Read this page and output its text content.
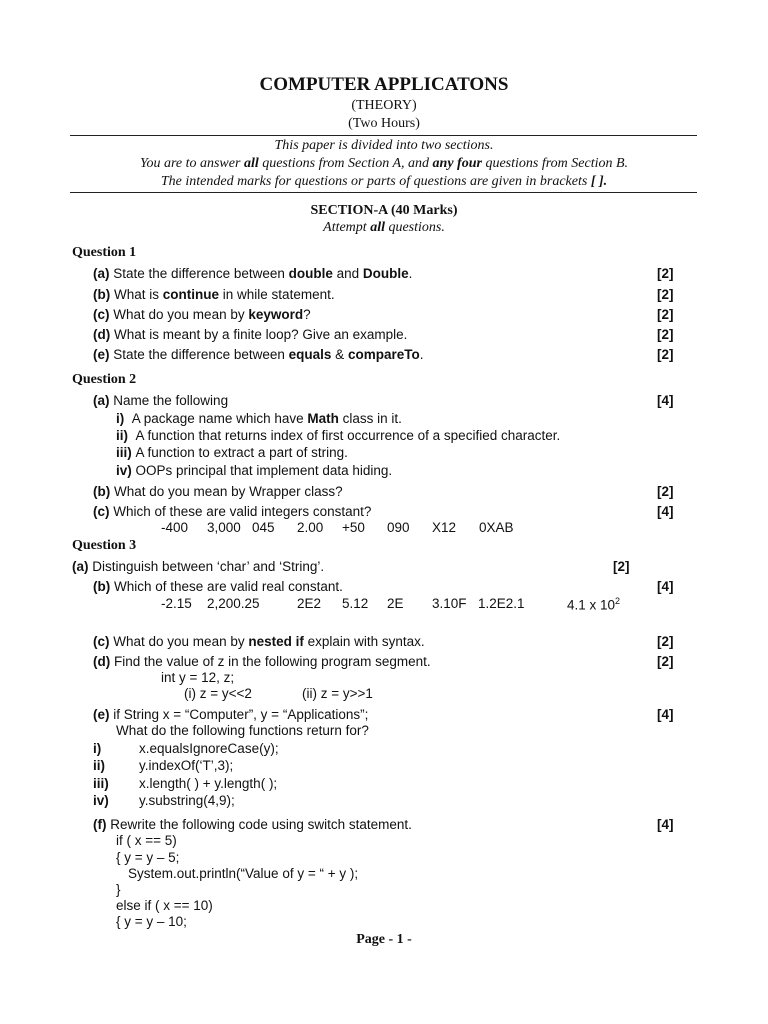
COMPUTER APPLICATONS
(THEORY)
(Two Hours)
This paper is divided into two sections.
You are to answer all questions from Section A, and any four questions from Section B.
The intended marks for questions or parts of questions are given in brackets [ ].
SECTION-A (40 Marks)
Attempt all questions.
Question 1
(a) State the difference between double and Double.	[2]
(b) What is continue in while statement.	[2]
(c) What do you mean by keyword?	[2]
(d) What is meant by a finite loop? Give an example.	[2]
(e) State the difference between equals & compareTo.	[2]
Question 2
(a) Name the following	[4]
i) A package name which have Math class in it.
ii) A function that returns index of first occurrence of a specified character.
iii) A function to extract a part of string.
iv) OOPs principal that implement data hiding.
(b) What do you mean by Wrapper class?	[2]
(c) Which of these are valid integers constant?	[4]
-400 3,000 045 2.00 +50 090 X12 0XAB
Question 3
(a) Distinguish between ‘char’ and ‘String’.	[2]
(b) Which of these are valid real constant.	[4]
-2.15 2,200.25	2E2 5.12 2E 3.10F 1.2E2.1	4.1 x $10^2$
(c) What do you mean by nested if explain with syntax.	[2]
(d) Find the value of z in the following program segment.	[2]
int y = 12, z;
(i) z = y<<2	(ii) z = y>>1
(e) if String x = “Computer”, y = “Applications”;	[4]
What do the following functions return for?
i)	x.equalsIgnoreCase(y);
ii)	y.indexOf(‘T’,3);
iii) x.length( ) + y.length( );
iv) y.substring(4,9);
(f) Rewrite the following code using switch statement.	[4]
if ( x == 5)
{ y = y – 5;
System.out.println(“Value of y = “ + y );
}
else if ( x == 10)
{ y = y – 10;
Page - 1 -
